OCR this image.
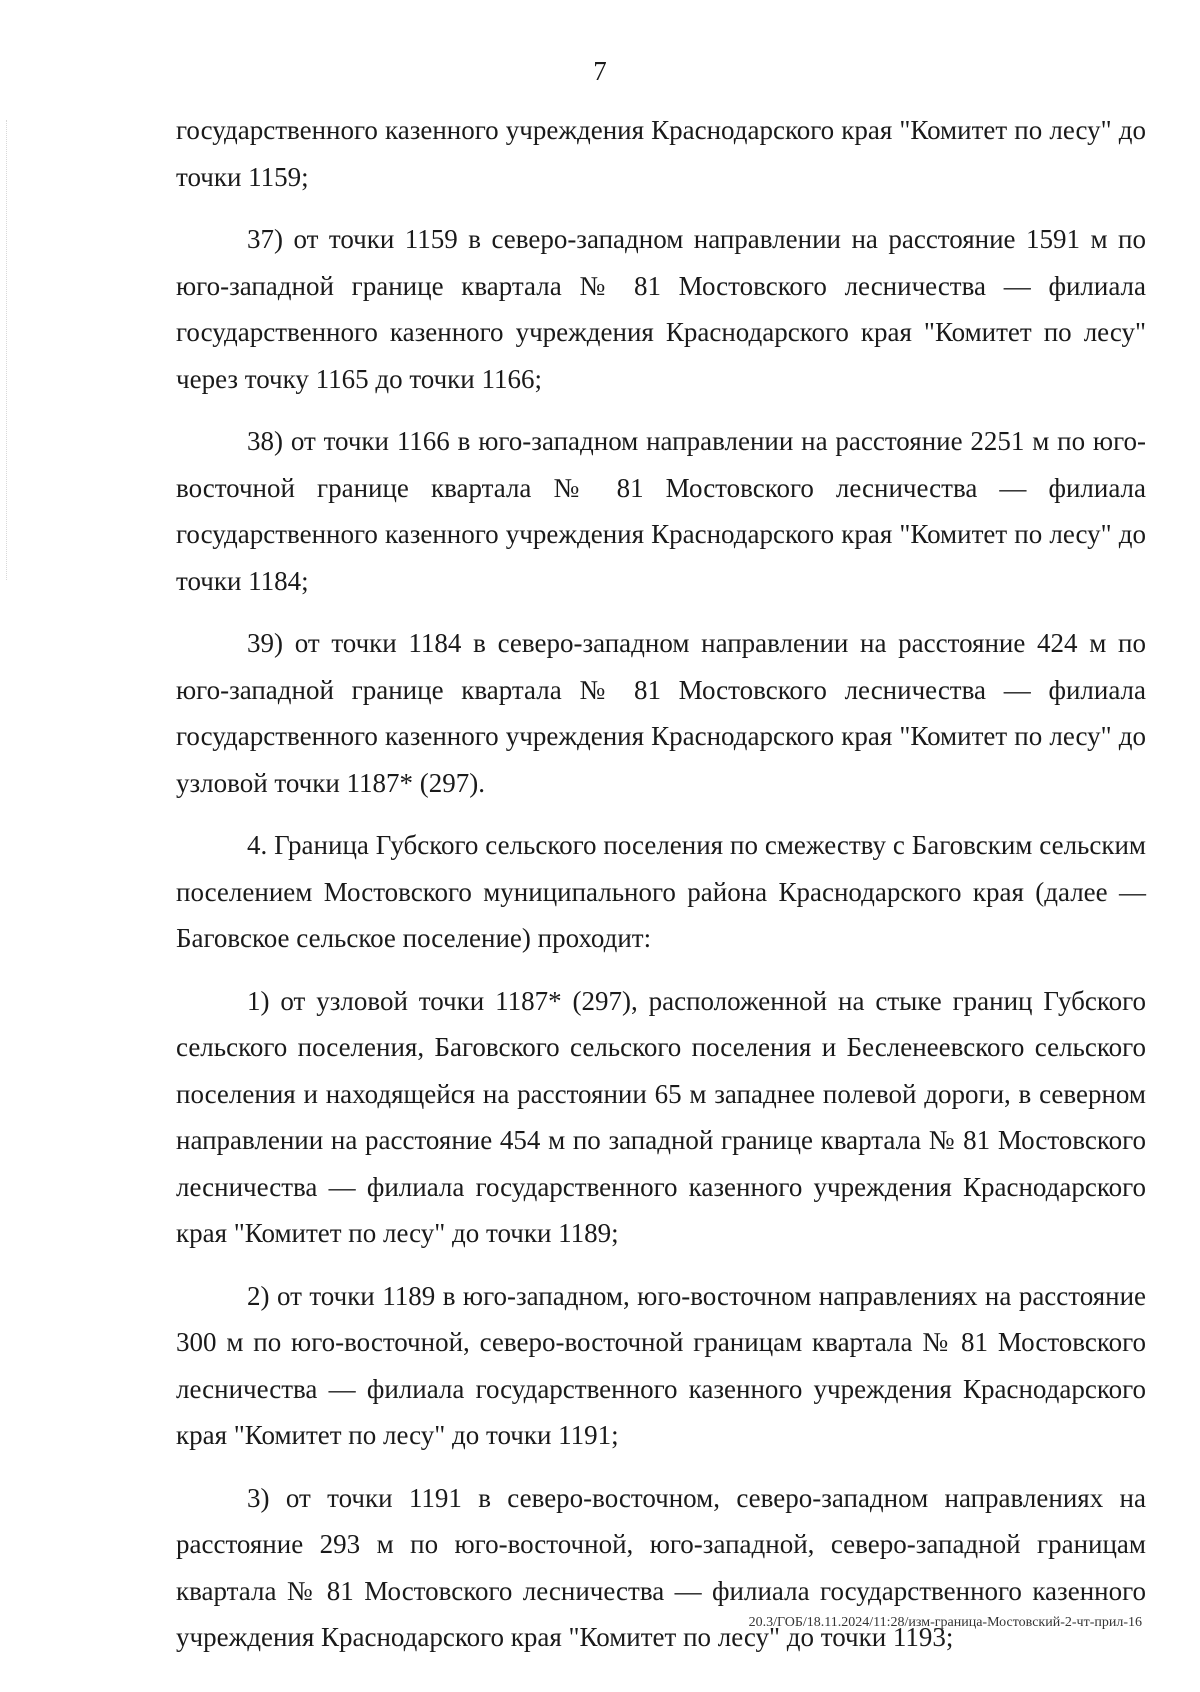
7

государственного казенного учреждения Краснодарского края "Комитет по лесу" до точки 1159;

37) от точки 1159 в северо-западном направлении на расстояние 1591 м по юго-западной границе квартала № 81 Мостовского лесничества — филиала государственного казенного учреждения Краснодарского края "Комитет по лесу" через точку 1165 до точки 1166;

38) от точки 1166 в юго-западном направлении на расстояние 2251 м по юго-восточной границе квартала № 81 Мостовского лесничества — филиала государственного казенного учреждения Краснодарского края "Комитет по лесу" до точки 1184;

39) от точки 1184 в северо-западном направлении на расстояние 424 м по юго-западной границе квартала № 81 Мостовского лесничества — филиала государственного казенного учреждения Краснодарского края "Комитет по лесу" до узловой точки 1187* (297).

4. Граница Губского сельского поселения по смежеству с Баговским сельским поселением Мостовского муниципального района Краснодарского края (далее — Баговское сельское поселение) проходит:

1) от узловой точки 1187* (297), расположенной на стыке границ Губского сельского поселения, Баговского сельского поселения и Бесленеевского сельского поселения и находящейся на расстоянии 65 м западнее полевой дороги, в северном направлении на расстояние 454 м по западной границе квартала № 81 Мостовского лесничества — филиала государственного казенного учреждения Краснодарского края "Комитет по лесу" до точки 1189;

2) от точки 1189 в юго-западном, юго-восточном направлениях на расстояние 300 м по юго-восточной, северо-восточной границам квартала № 81 Мостовского лесничества — филиала государственного казенного учреждения Краснодарского края "Комитет по лесу" до точки 1191;

3) от точки 1191 в северо-восточном, северо-западном направлениях на расстояние 293 м по юго-восточной, юго-западной, северо-западной границам квартала № 81 Мостовского лесничества — филиала государственного казенного учреждения Краснодарского края "Комитет по лесу" до точки 1193;

20.3/ГОБ/18.11.2024/11:28/изм-граница-Мостовский-2-чт-прил-16
